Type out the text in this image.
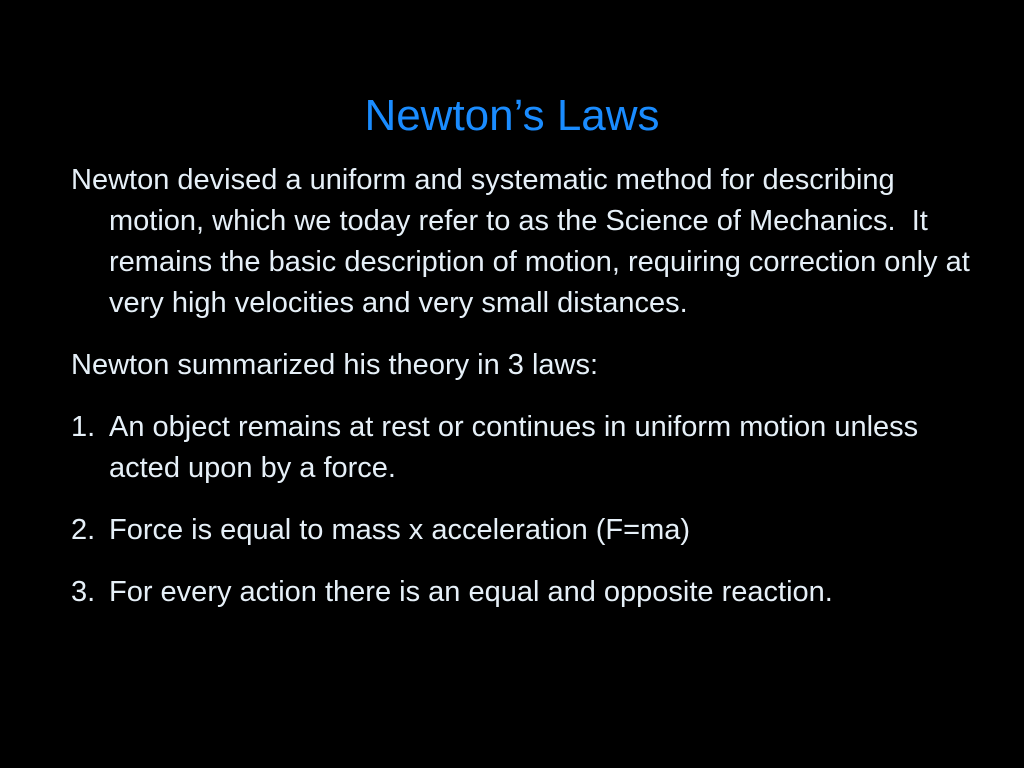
Newton’s Laws

Newton devised a uniform and systematic method for describing motion, which we today refer to as the Science of Mechanics.  It remains the basic description of motion, requiring correction only at very high velocities and very small distances.

Newton summarized his theory in 3 laws:

1. An object remains at rest or continues in uniform motion unless acted upon by a force.
2. Force is equal to mass x acceleration (F=ma)
3. For every action there is an equal and opposite reaction.
